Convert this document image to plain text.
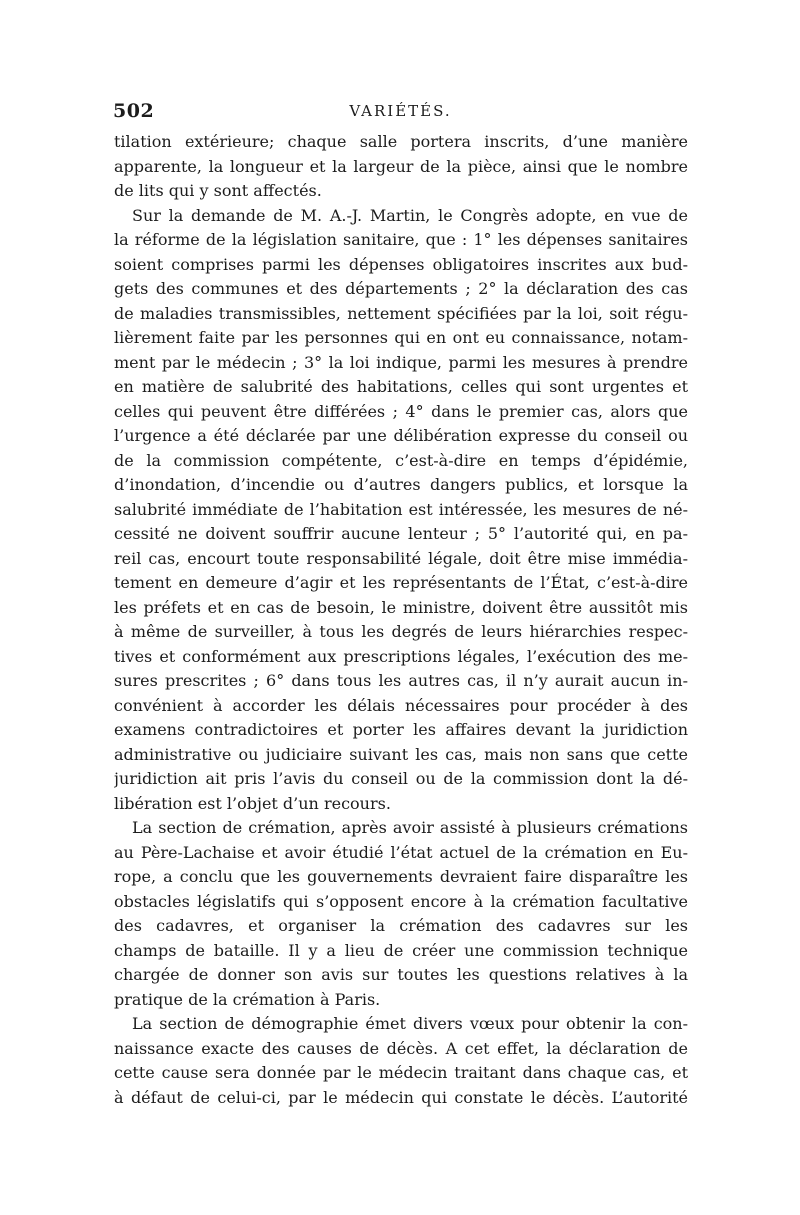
502	VARIÉTÉS.
tilation extérieure; chaque salle portera inscrits, d’une manière
apparente, la longueur et la largeur de la pièce, ainsi que le nombre
de lits qui y sont affectés.
Sur la demande de M. A.-J. Martin, le Congrès adopte, en vue de
la réforme de la législation sanitaire, que : 1° les dépenses sanitaires
soient comprises parmi les dépenses obligatoires inscrites aux bud-
gets des communes et des départements ; 2° la déclaration des cas
de maladies transmissibles, nettement spécifiées par la loi, soit régu-
lièrement faite par les personnes qui en ont eu connaissance, notam-
ment par le médecin ; 3° la loi indique, parmi les mesures à prendre
en matière de salubrité des habitations, celles qui sont urgentes et
celles qui peuvent être différées ; 4° dans le premier cas, alors que
l’urgence a été déclarée par une délibération expresse du conseil ou
de la commission compétente, c’est-à-dire en temps d’épidémie,
d’inondation, d’incendie ou d’autres dangers publics, et lorsque la
salubrité immédiate de l’habitation est intéressée, les mesures de né-
cessité ne doivent souffrir aucune lenteur ; 5° l’autorité qui, en pa-
reil cas, encourt toute responsabilité légale, doit être mise immédia-
tement en demeure d’agir et les représentants de l’État, c’est-à-dire
les préfets et en cas de besoin, le ministre, doivent être aussitôt mis
à même de surveiller, à tous les degrés de leurs hiérarchies respec-
tives et conformément aux prescriptions légales, l’exécution des me-
sures prescrites ; 6° dans tous les autres cas, il n’y aurait aucun in-
convénient à accorder les délais nécessaires pour procéder à des
examens contradictoires et porter les affaires devant la juridiction
administrative ou judiciaire suivant les cas, mais non sans que cette
juridiction ait pris l’avis du conseil ou de la commission dont la dé-
libération est l’objet d’un recours.
La section de crémation, après avoir assisté à plusieurs crémations
au Père-Lachaise et avoir étudié l’état actuel de la crémation en Eu-
rope, a conclu que les gouvernements devraient faire disparaître les
obstacles législatifs qui s’opposent encore à la crémation facultative
des cadavres, et organiser la crémation des cadavres sur les
champs de bataille. Il y a lieu de créer une commission technique
chargée de donner son avis sur toutes les questions relatives à la
pratique de la crémation à Paris.
La section de démographie émet divers vœux pour obtenir la con-
naissance exacte des causes de décès. A cet effet, la déclaration de
cette cause sera donnée par le médecin traitant dans chaque cas, et
à défaut de celui-ci, par le médecin qui constate le décès. L’autorité
